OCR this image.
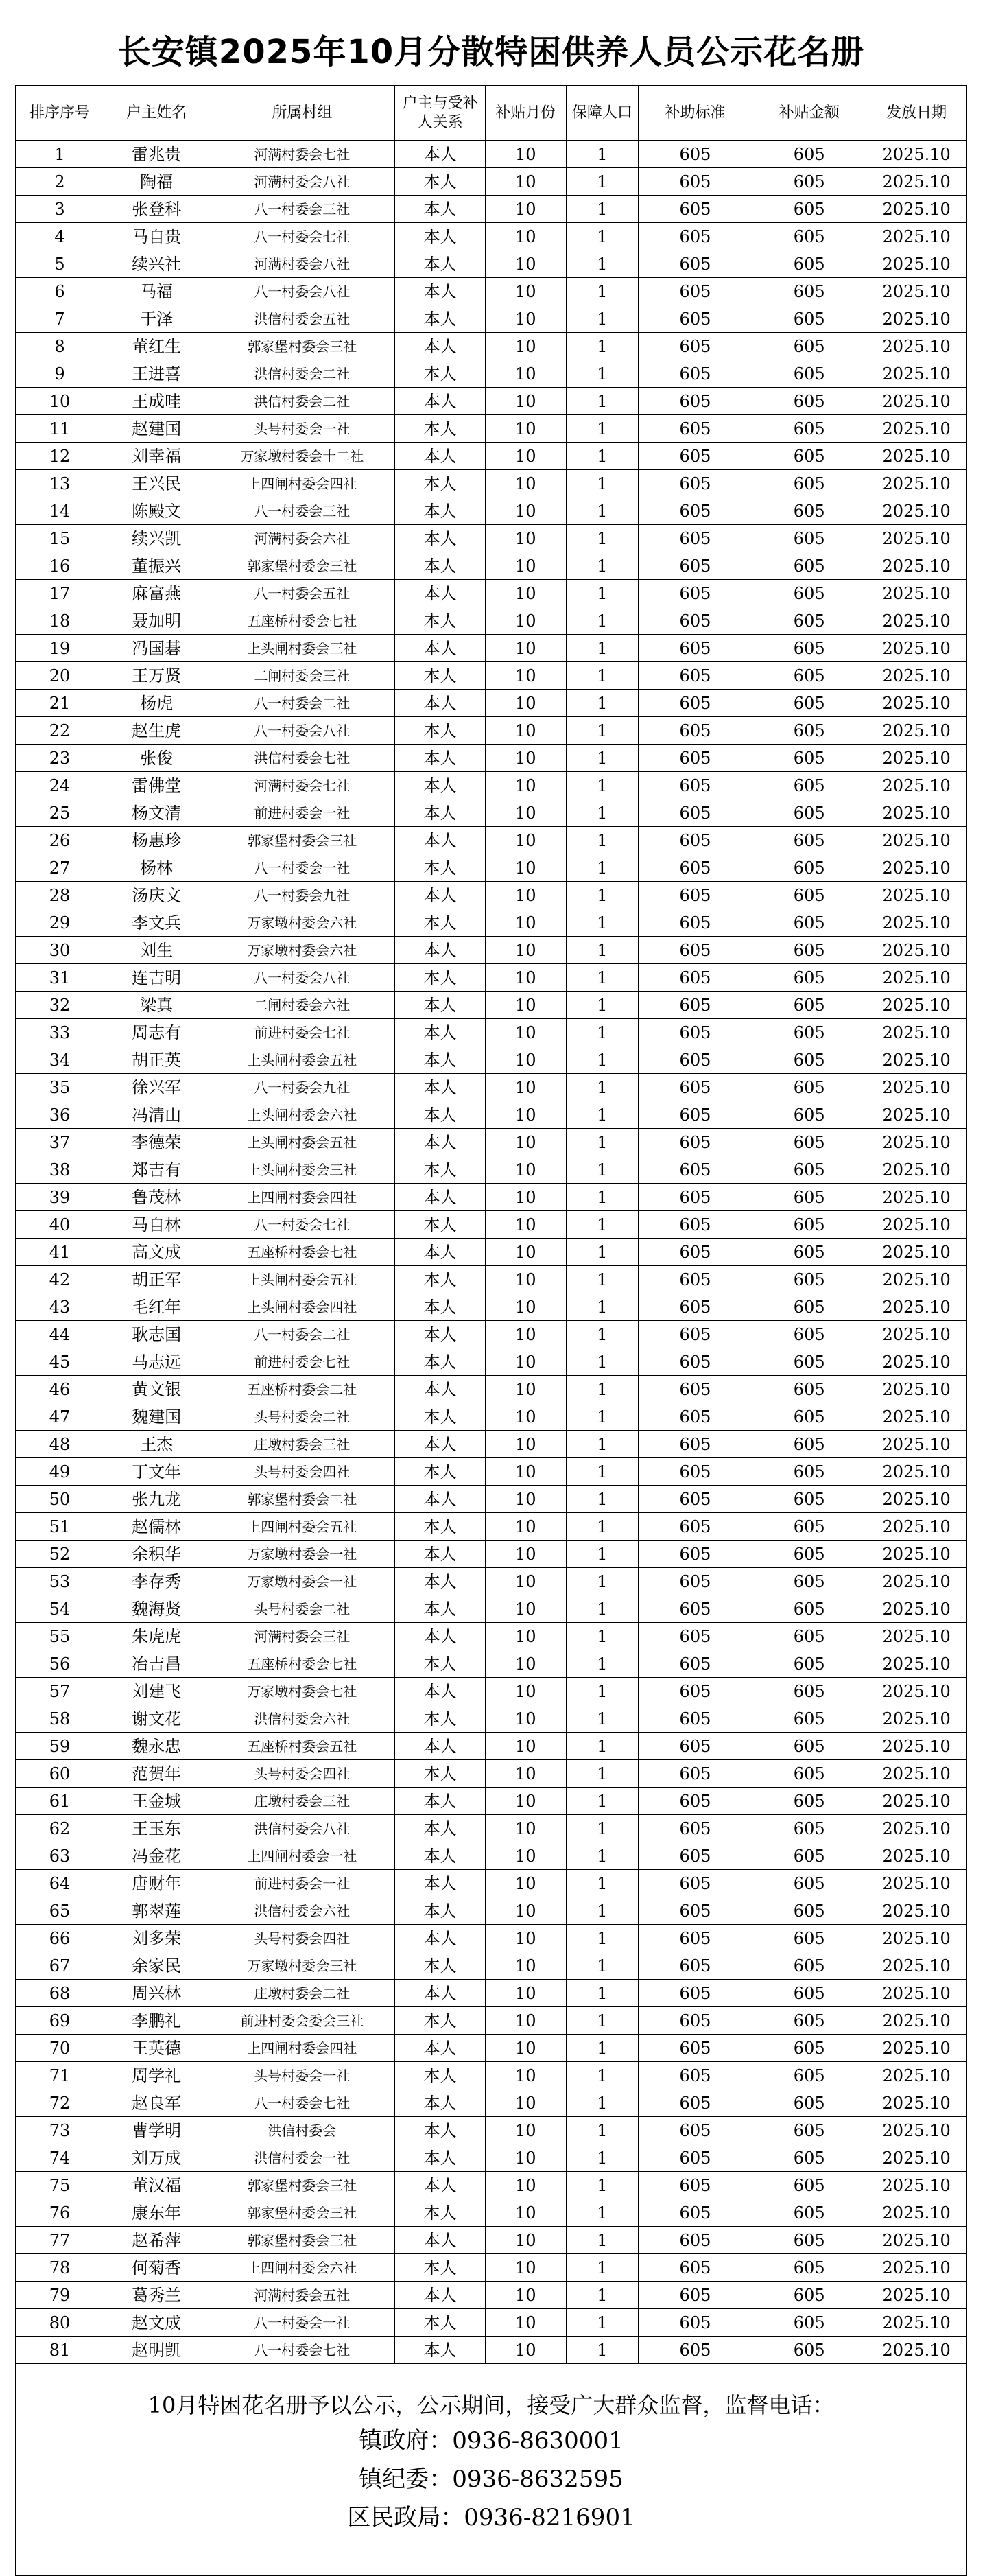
长安镇2025年10月分散特困供养人员公示花名册
排序序号	户主姓名	所属村组	户主与受补人关系	补贴月份	保障人口	补助标准	补贴金额	发放日期
1	雷兆贵	河满村委会七社	本人	10	1	605	605	2025.10
2	陶福	河满村委会八社	本人	10	1	605	605	2025.10
3	张登科	八一村委会三社	本人	10	1	605	605	2025.10
4	马自贵	八一村委会七社	本人	10	1	605	605	2025.10
5	续兴社	河满村委会八社	本人	10	1	605	605	2025.10
6	马福	八一村委会八社	本人	10	1	605	605	2025.10
7	于泽	洪信村委会五社	本人	10	1	605	605	2025.10
8	董红生	郭家堡村委会三社	本人	10	1	605	605	2025.10
9	王进喜	洪信村委会二社	本人	10	1	605	605	2025.10
10	王成哇	洪信村委会二社	本人	10	1	605	605	2025.10
11	赵建国	头号村委会一社	本人	10	1	605	605	2025.10
12	刘幸福	万家墩村委会十二社	本人	10	1	605	605	2025.10
13	王兴民	上四闸村委会四社	本人	10	1	605	605	2025.10
14	陈殿文	八一村委会三社	本人	10	1	605	605	2025.10
15	续兴凯	河满村委会六社	本人	10	1	605	605	2025.10
16	董振兴	郭家堡村委会三社	本人	10	1	605	605	2025.10
17	麻富燕	八一村委会五社	本人	10	1	605	605	2025.10
18	聂加明	五座桥村委会七社	本人	10	1	605	605	2025.10
19	冯国碁	上头闸村委会三社	本人	10	1	605	605	2025.10
20	王万贤	二闸村委会三社	本人	10	1	605	605	2025.10
21	杨虎	八一村委会二社	本人	10	1	605	605	2025.10
22	赵生虎	八一村委会八社	本人	10	1	605	605	2025.10
23	张俊	洪信村委会七社	本人	10	1	605	605	2025.10
24	雷佛堂	河满村委会七社	本人	10	1	605	605	2025.10
25	杨文清	前进村委会一社	本人	10	1	605	605	2025.10
26	杨惠珍	郭家堡村委会三社	本人	10	1	605	605	2025.10
27	杨林	八一村委会一社	本人	10	1	605	605	2025.10
28	汤庆文	八一村委会九社	本人	10	1	605	605	2025.10
29	李文兵	万家墩村委会六社	本人	10	1	605	605	2025.10
30	刘生	万家墩村委会六社	本人	10	1	605	605	2025.10
31	连吉明	八一村委会八社	本人	10	1	605	605	2025.10
32	梁真	二闸村委会六社	本人	10	1	605	605	2025.10
33	周志有	前进村委会七社	本人	10	1	605	605	2025.10
34	胡正英	上头闸村委会五社	本人	10	1	605	605	2025.10
35	徐兴军	八一村委会九社	本人	10	1	605	605	2025.10
36	冯清山	上头闸村委会六社	本人	10	1	605	605	2025.10
37	李德荣	上头闸村委会五社	本人	10	1	605	605	2025.10
38	郑吉有	上头闸村委会三社	本人	10	1	605	605	2025.10
39	鲁茂林	上四闸村委会四社	本人	10	1	605	605	2025.10
40	马自林	八一村委会七社	本人	10	1	605	605	2025.10
41	高文成	五座桥村委会七社	本人	10	1	605	605	2025.10
42	胡正军	上头闸村委会五社	本人	10	1	605	605	2025.10
43	毛红年	上头闸村委会四社	本人	10	1	605	605	2025.10
44	耿志国	八一村委会二社	本人	10	1	605	605	2025.10
45	马志远	前进村委会七社	本人	10	1	605	605	2025.10
46	黄文银	五座桥村委会二社	本人	10	1	605	605	2025.10
47	魏建国	头号村委会二社	本人	10	1	605	605	2025.10
48	王杰	庄墩村委会三社	本人	10	1	605	605	2025.10
49	丁文年	头号村委会四社	本人	10	1	605	605	2025.10
50	张九龙	郭家堡村委会二社	本人	10	1	605	605	2025.10
51	赵儒林	上四闸村委会五社	本人	10	1	605	605	2025.10
52	余积华	万家墩村委会一社	本人	10	1	605	605	2025.10
53	李存秀	万家墩村委会一社	本人	10	1	605	605	2025.10
54	魏海贤	头号村委会二社	本人	10	1	605	605	2025.10
55	朱虎虎	河满村委会三社	本人	10	1	605	605	2025.10
56	冶吉昌	五座桥村委会七社	本人	10	1	605	605	2025.10
57	刘建飞	万家墩村委会七社	本人	10	1	605	605	2025.10
58	谢文花	洪信村委会六社	本人	10	1	605	605	2025.10
59	魏永忠	五座桥村委会五社	本人	10	1	605	605	2025.10
60	范贺年	头号村委会四社	本人	10	1	605	605	2025.10
61	王金城	庄墩村委会三社	本人	10	1	605	605	2025.10
62	王玉东	洪信村委会八社	本人	10	1	605	605	2025.10
63	冯金花	上四闸村委会一社	本人	10	1	605	605	2025.10
64	唐财年	前进村委会一社	本人	10	1	605	605	2025.10
65	郭翠莲	洪信村委会六社	本人	10	1	605	605	2025.10
66	刘多荣	头号村委会四社	本人	10	1	605	605	2025.10
67	余家民	万家墩村委会三社	本人	10	1	605	605	2025.10
68	周兴林	庄墩村委会二社	本人	10	1	605	605	2025.10
69	李鹏礼	前进村委会委会三社	本人	10	1	605	605	2025.10
70	王英德	上四闸村委会四社	本人	10	1	605	605	2025.10
71	周学礼	头号村委会一社	本人	10	1	605	605	2025.10
72	赵良军	八一村委会七社	本人	10	1	605	605	2025.10
73	曹学明	洪信村委会	本人	10	1	605	605	2025.10
74	刘万成	洪信村委会一社	本人	10	1	605	605	2025.10
75	董汉福	郭家堡村委会三社	本人	10	1	605	605	2025.10
76	康东年	郭家堡村委会三社	本人	10	1	605	605	2025.10
77	赵希萍	郭家堡村委会三社	本人	10	1	605	605	2025.10
78	何菊香	上四闸村委会六社	本人	10	1	605	605	2025.10
79	葛秀兰	河满村委会五社	本人	10	1	605	605	2025.10
80	赵文成	八一村委会一社	本人	10	1	605	605	2025.10
81	赵明凯	八一村委会七社	本人	10	1	605	605	2025.10
10月特困花名册予以公示，公示期间，接受广大群众监督，监督电话：
镇政府：0936-8630001
镇纪委：0936-8632595
区民政局：0936-8216901
